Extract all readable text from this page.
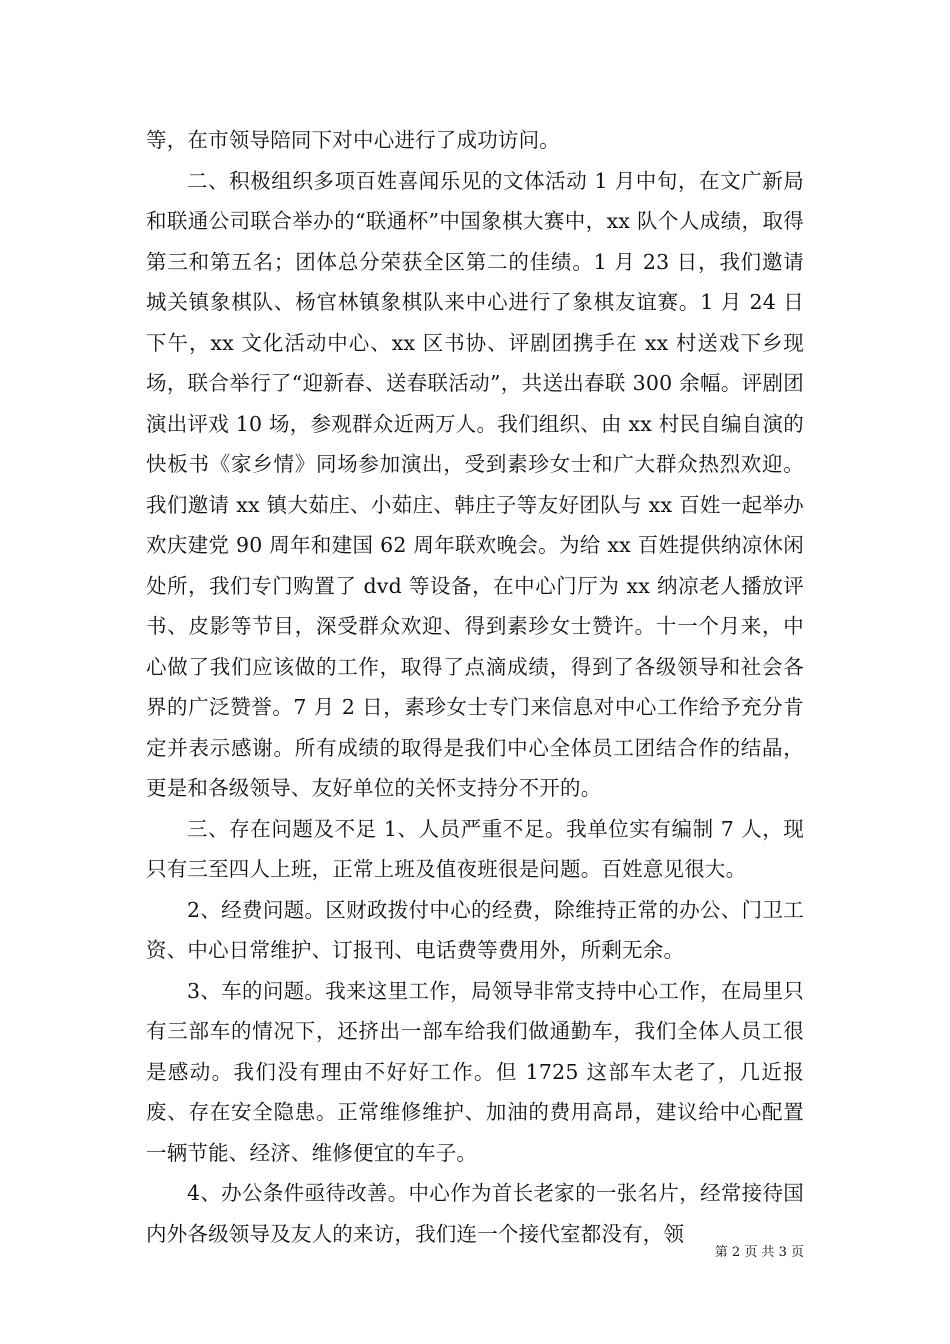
等，在市领导陪同下对中心进行了成功访问。

二、积极组织多项百姓喜闻乐见的文体活动 1 月中旬，在文广新局和联通公司联合举办的“联通杯”中国象棋大赛中，xx 队个人成绩，取得第三和第五名；团体总分荣获全区第二的佳绩。1 月 23 日，我们邀请城关镇象棋队、杨官林镇象棋队来中心进行了象棋友谊赛。1 月 24 日下午，xx 文化活动中心、xx 区书协、评剧团携手在 xx 村送戏下乡现场，联合举行了“迎新春、送春联活动”，共送出春联 300 余幅。评剧团演出评戏 10 场，参观群众近两万人。我们组织、由 xx 村民自编自演的快板书《家乡情》同场参加演出，受到素珍女士和广大群众热烈欢迎。我们邀请 xx 镇大茹庄、小茹庄、韩庄子等友好团队与 xx 百姓一起举办欢庆建党 90 周年和建国 62 周年联欢晚会。为给 xx 百姓提供纳凉休闲处所，我们专门购置了 dvd 等设备，在中心门厅为 xx 纳凉老人播放评书、皮影等节目，深受群众欢迎、得到素珍女士赞许。十一个月来，中心做了我们应该做的工作，取得了点滴成绩，得到了各级领导和社会各界的广泛赞誉。7 月 2 日，素珍女士专门来信息对中心工作给予充分肯定并表示感谢。所有成绩的取得是我们中心全体员工团结合作的结晶，更是和各级领导、友好单位的关怀支持分不开的。

三、存在问题及不足 1、人员严重不足。我单位实有编制 7 人，现只有三至四人上班，正常上班及值夜班很是问题。百姓意见很大。

2、经费问题。区财政拨付中心的经费，除维持正常的办公、门卫工资、中心日常维护、订报刊、电话费等费用外，所剩无余。

3、车的问题。我来这里工作，局领导非常支持中心工作，在局里只有三部车的情况下，还挤出一部车给我们做通勤车，我们全体人员工很是感动。我们没有理由不好好工作。但 1725 这部车太老了，几近报废、存在安全隐患。正常维修维护、加油的费用高昂，建议给中心配置一辆节能、经济、维修便宜的车子。

4、办公条件亟待改善。中心作为首长老家的一张名片，经常接待国内外各级领导及友人的来访，我们连一个接代室都没有，领

第 2 页 共 3 页
